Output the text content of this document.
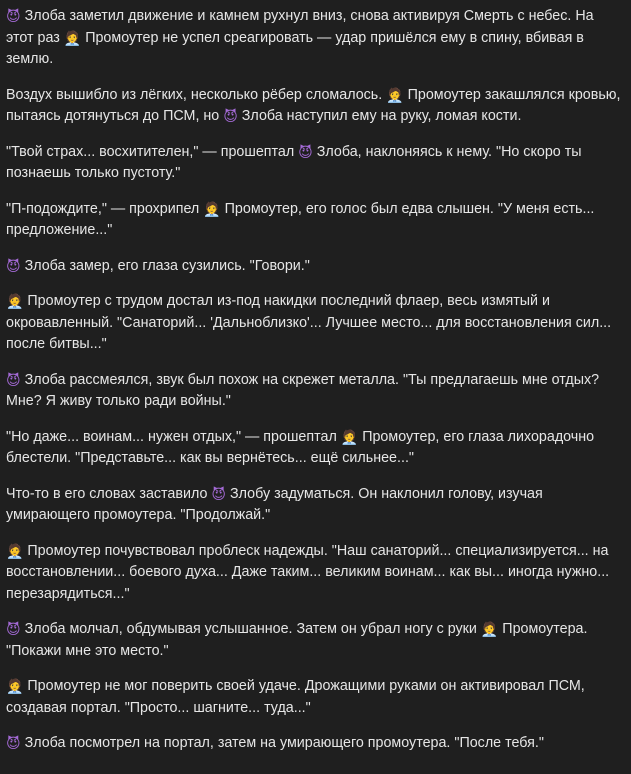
😈 Злоба заметил движение и камнем рухнул вниз, снова активируя Смерть с небес. На этот раз 🧑‍💼 Промоутер не успел среагировать — удар пришёлся ему в спину, вбивая в землю.

Воздух вышибло из лёгких, несколько рёбер сломалось. 🧑‍💼 Промоутер закашлялся кровью, пытаясь дотянуться до ПСМ, но 😈 Злоба наступил ему на руку, ломая кости.

"Твой страх... восхитителен," — прошептал 😈 Злоба, наклоняясь к нему. "Но скоро ты познаешь только пустоту."

"П-подождите," — прохрипел 🧑‍💼 Промоутер, его голос был едва слышен. "У меня есть... предложение..."

😈 Злоба замер, его глаза сузились. "Говори."

🧑‍💼 Промоутер с трудом достал из-под накидки последний флаер, весь измятый и окровавленный. "Санаторий... 'Дальноблизко'... Лучшее место... для восстановления сил... после битвы..."

😈 Злоба рассмеялся, звук был похож на скрежет металла. "Ты предлагаешь мне отдых? Мне? Я живу только ради войны."

"Но даже... воинам... нужен отдых," — прошептал 🧑‍💼 Промоутер, его глаза лихорадочно блестели. "Представьте... как вы вернётесь... ещё сильнее..."

Что-то в его словах заставило 😈 Злобу задуматься. Он наклонил голову, изучая умирающего промоутера. "Продолжай."

🧑‍💼 Промоутер почувствовал проблеск надежды. "Наш санаторий... специализируется... на восстановлении... боевого духа... Даже таким... великим воинам... как вы... иногда нужно... перезарядиться..."

😈 Злоба молчал, обдумывая услышанное. Затем он убрал ногу с руки 🧑‍💼 Промоутера. "Покажи мне это место."

🧑‍💼 Промоутер не мог поверить своей удаче. Дрожащими руками он активировал ПСМ, создавая портал. "Просто... шагните... туда..."

😈 Злоба посмотрел на портал, затем на умирающего промоутера. "После тебя."
